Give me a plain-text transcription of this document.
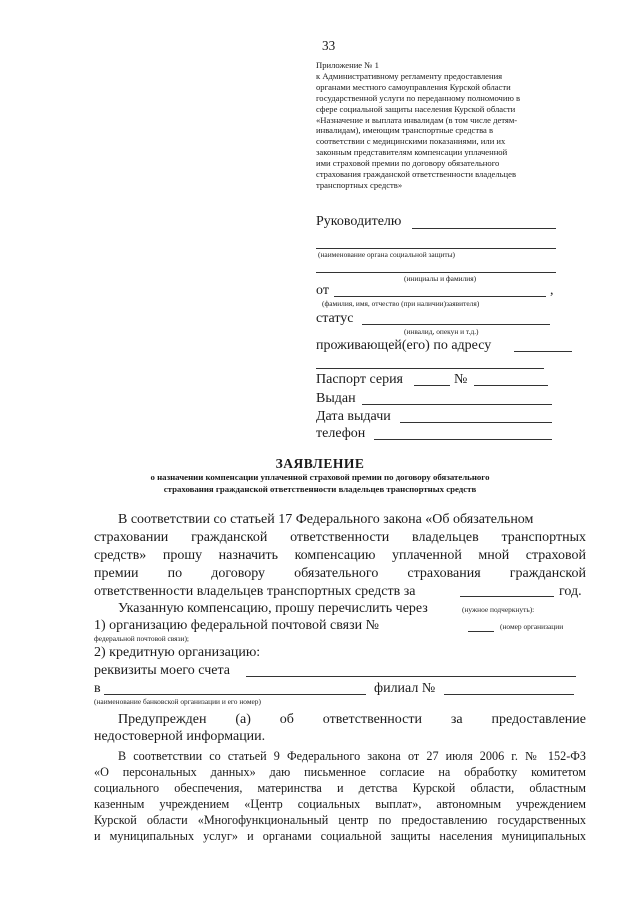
33
Приложение № 1
к Административному регламенту предоставления
органами местного самоуправления Курской области
государственной услуги по переданному полномочию в
сфере социальной защиты населения Курской области
«Назначение и выплата инвалидам (в том числе детям-
инвалидам), имеющим транспортные средства в
соответствии с медицинскими показаниями, или их
законным представителям компенсации уплаченной
ими страховой премии по договору обязательного
страхования гражданской ответственности владельцев
транспортных средств»
Руководителю
(наименование органа социальной защиты)
(инициалы и фамилия)
от	,
(фамилия, имя, отчество (при наличии)заявителя)
статус
(инвалид, опекун и т.д.)
проживающей(его) по адресу
Паспорт серия	№
Выдан
Дата выдачи
телефон
ЗАЯВЛЕНИЕ
о назначении компенсации уплаченной страховой премии по договору обязательного
страхования гражданской ответственности владельцев транспортных средств
В соответствии со статьей 17 Федерального закона «Об обязательном
страховании гражданской ответственности владельцев транспортных
средств» прошу назначить компенсацию уплаченной мной страховой
премии по договору обязательного страхования гражданской
ответственности владельцев транспортных средств за	год.
Указанную компенсацию, прошу перечислить через	(нужное подчеркнуть):
1) организацию федеральной почтовой связи №	(номер организации
федеральной почтовой связи);
2) кредитную организацию:
реквизиты моего счета
в	филиал №
(наименование банковской организации и его номер)
Предупрежден (а) об ответственности за предоставление
недостоверной информации.
В соответствии со статьей 9 Федерального закона от 27 июля 2006 г. № 152-ФЗ
«О персональных данных» даю письменное согласие на обработку комитетом
социального обеспечения, материнства и детства Курской области, областным
казенным учреждением «Центр социальных выплат», автономным учреждением
Курской области «Многофункциональный центр по предоставлению государственных
и муниципальных услуг» и органами социальной защиты населения муниципальных
